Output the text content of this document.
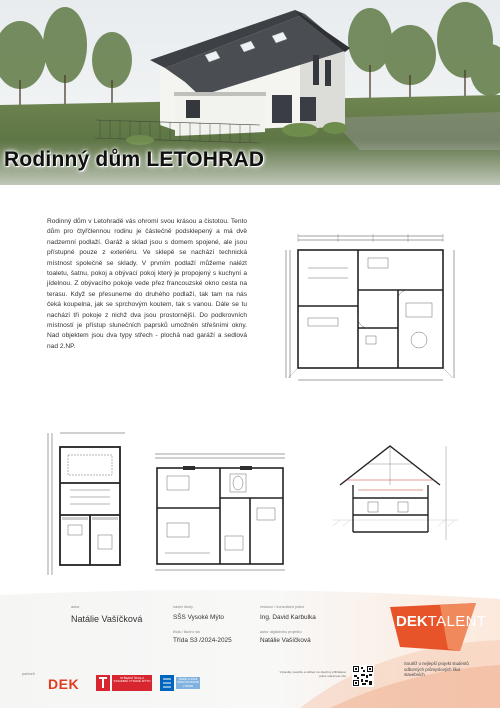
Rodinný dům LETOHRAD
Rodinný dům v Letohradě vás ohromí svou krásou a čistotou. Tento dům pro čtyřčlennou rodinu je částečně podsklepený a má dvě nadzemní podlaží. Garáž a sklad jsou s domem spojené, ale jsou přístupné pouze z exteriéru. Ve sklepě se nachází technická místnost společně se sklady. V prvním podlaží můžeme nalézt toaletu, šatnu, pokoj a obývací pokoj který je propojený s kuchyní a jídelnou. Z obývacího pokoje vede přez francouzské okno cesta na terasu. Když se přesuneme do druhého podlaží, tak tam na nás čeká koupelna, jak se sprchovým koutem, tak s vanou. Dále se tu nachází tři pokoje z nichž dva jsou prostornější. Do podkrovních místností je přístup slunečních paprsků umožněn střešními okny. Nad objektem jsou dva typy střech - plochá nad garáží a sedlová nad 2.NP.
autor
Natálie Vašíčková
název školy
SŠS Vysoké Mýto
třída / školní rok
Třída S3 /2024-2025
vedoucí / konzultant práce
Ing. David Karbulka
autor digitálního projektu
Natálie Vašíčková
DEKTALENT
Soutěž o nejlepší projekt studentů odborných průmyslových škol stavebních
partneři
DEK	STŘEDNÍ ŠKOLA STAVEBNÍ VYSOKÉ MÝTO	ČESKÉ VYSOKÉ UČENÍ TECHNICKÉ V PRAZE
Výsledky soutěže a náhled na všechny přihlášené práce naleznete zde
